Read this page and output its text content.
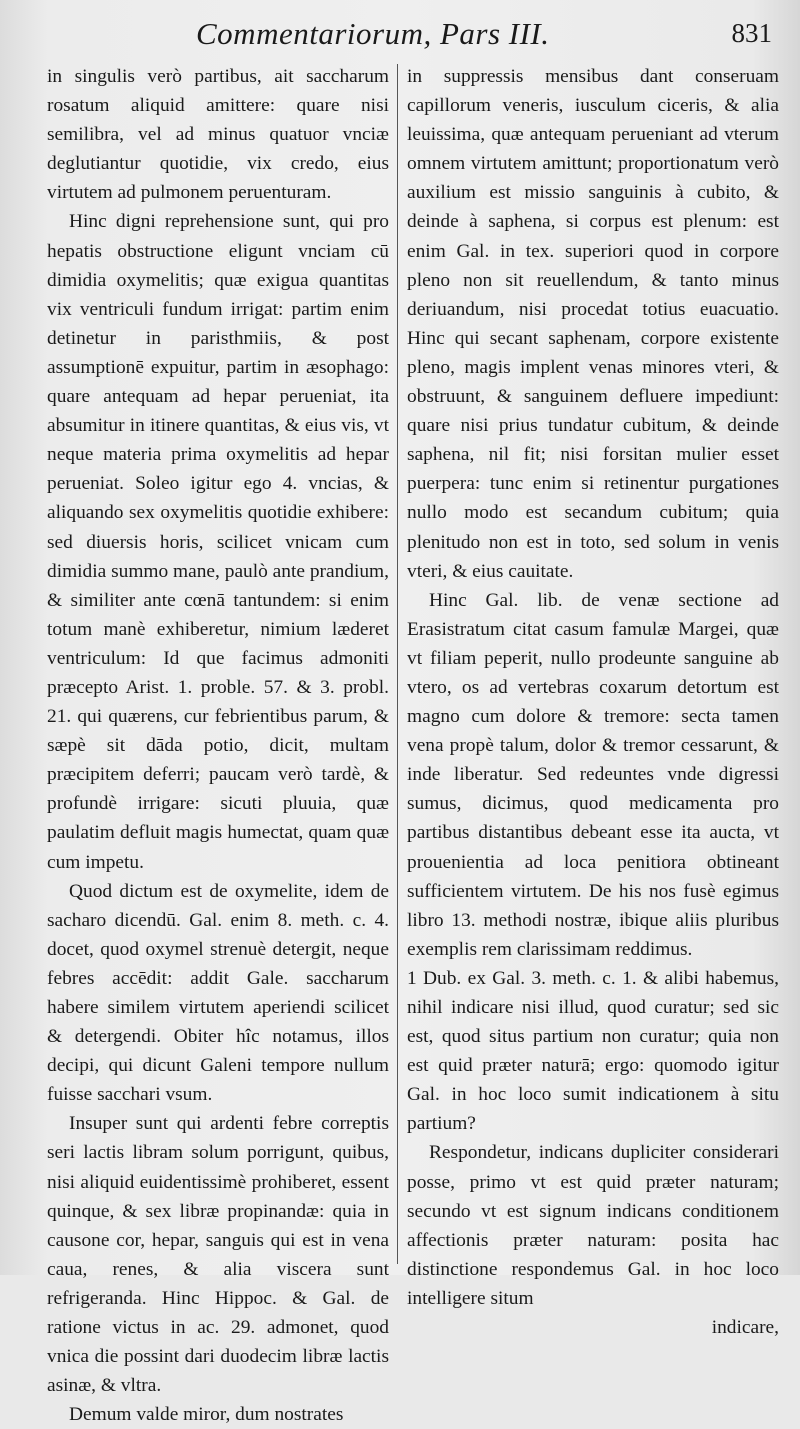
Commentariorum, Pars III.	831

in singulis verò partibus, ait saccharum rosatum aliquid amittere: quare nisi semilibra, vel ad minus quatuor vnciæ deglutiantur quotidie, vix credo, eius virtutem ad pulmonem peruenturam.

Hinc digni reprehensione sunt, qui pro hepatis obstructione eligunt vnciam cū dimidia oxymelitis; quæ exigua quantitas vix ventriculi fundum irrigat: partim enim detinetur in paristhmiis, & post assumptionē expuitur, partim in æsophago: quare antequam ad hepar perueniat, ita absumitur in itinere quantitas, & eius vis, vt neque materia prima oxymelitis ad hepar perueniat. Soleo igitur ego 4. vncias, & aliquando sex oxymelitis quotidie exhibere: sed diuersis horis, scilicet vnicam cum dimidia summo mane, paulò ante prandium, & similiter ante cœnā tantundem: si enim totum manè exhiberetur, nimium læderet ventriculum: Id que facimus admoniti præcepto Arist. 1. proble. 57. & 3. probl. 21. qui quærens, cur febrientibus parum, & sæpè sit dāda potio, dicit, multam præcipitem deferri; paucam verò tardè, & profundè irrigare: sicuti pluuia, quæ paulatim defluit magis humectat, quam quæ cum impetu.

Quod dictum est de oxymelite, idem de sacharo dicendū. Gal. enim 8. meth. c. 4. docet, quod oxymel strenuè detergit, neque febres accēdit: addit Gale. saccharum habere similem virtutem aperiendi scilicet & detergendi. Obiter hîc notamus, illos decipi, qui dicunt Galeni tempore nullum fuisse sacchari vsum.

Insuper sunt qui ardenti febre correptis seri lactis libram solum porrigunt, quibus, nisi aliquid euidentissimè prohiberet, essent quinque, & sex libræ propinandæ: quia in causone cor, hepar, sanguis qui est in vena caua, renes, & alia viscera sunt refrigeranda. Hinc Hippoc. & Gal. de ratione victus in ac. 29. admonet, quod vnica die possint dari duodecim libræ lactis asinæ, & vltra.

Demum valde miror, dum nostrates

in suppressis mensibus dant conseruam capillorum veneris, iusculum ciceris, & alia leuissima, quæ antequam perueniant ad vterum omnem virtutem amittunt; proportionatum verò auxilium est missio sanguinis à cubito, & deinde à saphena, si corpus est plenum: est enim Gal. in tex. superiori quod in corpore pleno non sit reuellendum, & tanto minus deriuandum, nisi procedat totius euacuatio. Hinc qui secant saphenam, corpore existente pleno, magis implent venas minores vteri, & obstruunt, & sanguinem defluere impediunt: quare nisi prius tundatur cubitum, & deinde saphena, nil fit; nisi forsitan mulier esset puerpera: tunc enim si retinentur purgationes nullo modo est secandum cubitum; quia plenitudo non est in toto, sed solum in venis vteri, & eius cauitate.

Hinc Gal. lib. de venæ sectione ad Erasistratum citat casum famulæ Margei, quæ vt filiam peperit, nullo prodeunte sanguine ab vtero, os ad vertebras coxarum detortum est magno cum dolore & tremore: secta tamen vena propè talum, dolor & tremor cessarunt, & inde liberatur. Sed redeuntes vnde digressi sumus, dicimus, quod medicamenta pro partibus distantibus debeant esse ita aucta, vt prouenientia ad loca penitiora obtineant sufficientem virtutem. De his nos fusè egimus libro 13. methodi nostræ, ibique aliis pluribus exemplis rem clarissimam reddimus.

1 Dub. ex Gal. 3. meth. c. 1. & alibi habemus, nihil indicare nisi illud, quod curatur; sed sic est, quod situs partium non curatur; quia non est quid præter naturā; ergo: quomodo igitur Gal. in hoc loco sumit indicationem à situ partium?

Respondetur, indicans dupliciter considerari posse, primo vt est quid præter naturam; secundo vt est signum indicans conditionem affectionis præter naturam: posita hac distinctione respondemus Gal. in hoc loco intelligere situm

indicare,
